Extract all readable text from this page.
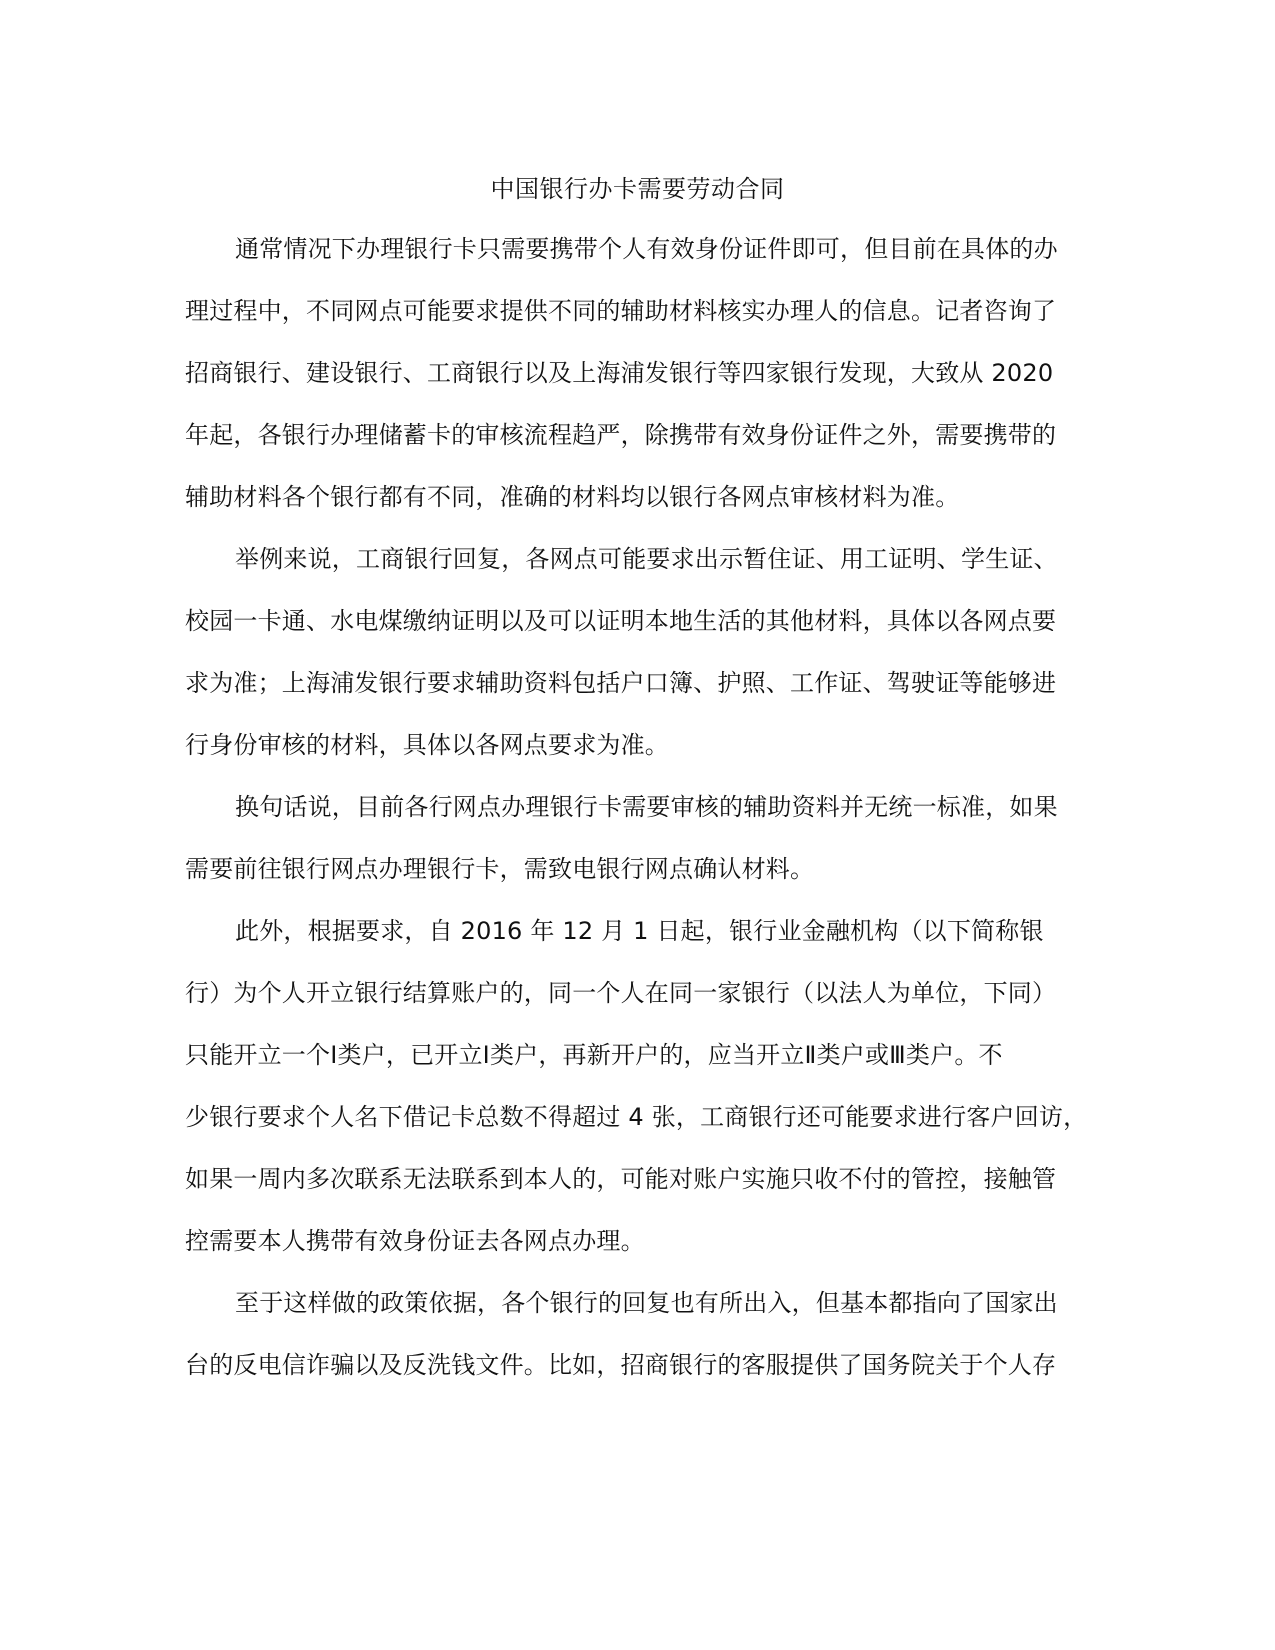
中国银行办卡需要劳动合同

通常情况下办理银行卡只需要携带个人有效身份证件即可，但目前在具体的办

理过程中，不同网点可能要求提供不同的辅助材料核实办理人的信息。记者咨询了

招商银行、建设银行、工商银行以及上海浦发银行等四家银行发现，大致从 2020

年起，各银行办理储蓄卡的审核流程趋严，除携带有效身份证件之外，需要携带的

辅助材料各个银行都有不同，准确的材料均以银行各网点审核材料为准。

举例来说，工商银行回复，各网点可能要求出示暂住证、用工证明、学生证、

校园一卡通、水电煤缴纳证明以及可以证明本地生活的其他材料，具体以各网点要

求为准；上海浦发银行要求辅助资料包括户口簿、护照、工作证、驾驶证等能够进

行身份审核的材料，具体以各网点要求为准。

换句话说，目前各行网点办理银行卡需要审核的辅助资料并无统一标准，如果

需要前往银行网点办理银行卡，需致电银行网点确认材料。

此外，根据要求，自 2016 年 12 月 1 日起，银行业金融机构（以下简称银

行）为个人开立银行结算账户的，同一个人在同一家银行（以法人为单位，下同）

只能开立一个Ⅰ类户，已开立Ⅰ类户，再新开户的，应当开立Ⅱ类户或Ⅲ类户。不

少银行要求个人名下借记卡总数不得超过 4 张，工商银行还可能要求进行客户回访，

如果一周内多次联系无法联系到本人的，可能对账户实施只收不付的管控，接触管

控需要本人携带有效身份证去各网点办理。

至于这样做的政策依据，各个银行的回复也有所出入，但基本都指向了国家出

台的反电信诈骗以及反洗钱文件。比如，招商银行的客服提供了国务院关于个人存
